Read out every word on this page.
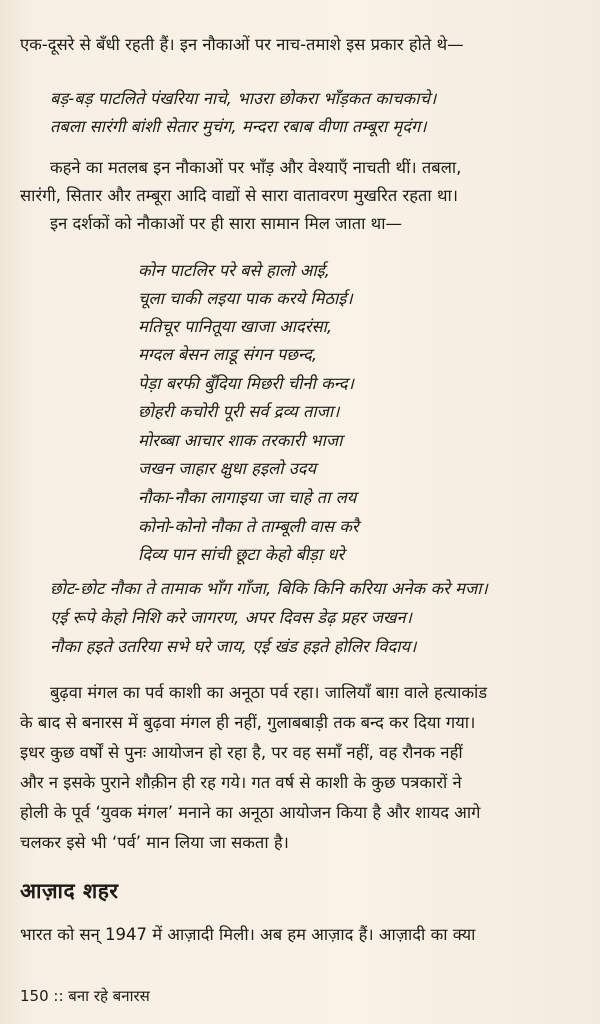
एक-दूसरे से बँधी रहती हैं। इन नौकाओं पर नाच-तमाशे इस प्रकार होते थे—
बड़-बड़ पाटलिते पंखरिया नाचे, भाउरा छोकरा भाँड़कत काचकाचे।
तबला सारंगी बांशी सेतार मुचंग, मन्दरा रबाब वीणा तम्बूरा मृदंग।
कहने का मतलब इन नौकाओं पर भाँड़ और वेश्याएँ नाचती थीं। तबला,
सारंगी, सितार और तम्बूरा आदि वाद्यों से सारा वातावरण मुखरित रहता था।
इन दर्शकों को नौकाओं पर ही सारा सामान मिल जाता था—
कोन पाटलिर परे बसे हालो आई,
चूला चाकी लइया पाक करये मिठाई।
मतिचूर पानितूया खाजा आदरंसा,
मग्दल बेसन लाडू संगन पछन्द,
पेड़ा बरफी बुँदिया मिछरी चीनी कन्द।
छोहरी कचोरी पूरी सर्व द्रव्य ताजा।
मोरब्बा आचार शाक तरकारी भाजा
जखन जाहार क्षुधा हइलो उदय
नौका-नौका लागाइया जा चाहे ता लय
कोनो-कोनो नौका ते ताम्बूली वास करै
दिव्य पान सांची छूटा केहो बीड़ा धरे
छोट-छोट नौका ते तामाक भाँग गाँजा, बिकि किनि करिया अनेक करे मजा।
एई रूपे केहो निशि करे जागरण, अपर दिवस डेढ़ प्रहर जखन।
नौका हइते उतरिया सभे घरे जाय, एई खंड हइते होलिर विदाय।
बुढ़वा मंगल का पर्व काशी का अनूठा पर्व रहा। जालियाँ बाग़ वाले हत्याकांड
के बाद से बनारस में बुढ़वा मंगल ही नहीं, गुलाबबाड़ी तक बन्द कर दिया गया।
इधर कुछ वर्षों से पुनः आयोजन हो रहा है, पर वह समाँ नहीं, वह रौनक नहीं
और न इसके पुराने शौक़ीन ही रह गये। गत वर्ष से काशी के कुछ पत्रकारों ने
होली के पूर्व ‘युवक मंगल’ मनाने का अनूठा आयोजन किया है और शायद आगे
चलकर इसे भी ‘पर्व’ मान लिया जा सकता है।
आज़ाद शहर
भारत को सन् 1947 में आज़ादी मिली। अब हम आज़ाद हैं। आज़ादी का क्या
150 :: बना रहे बनारस
